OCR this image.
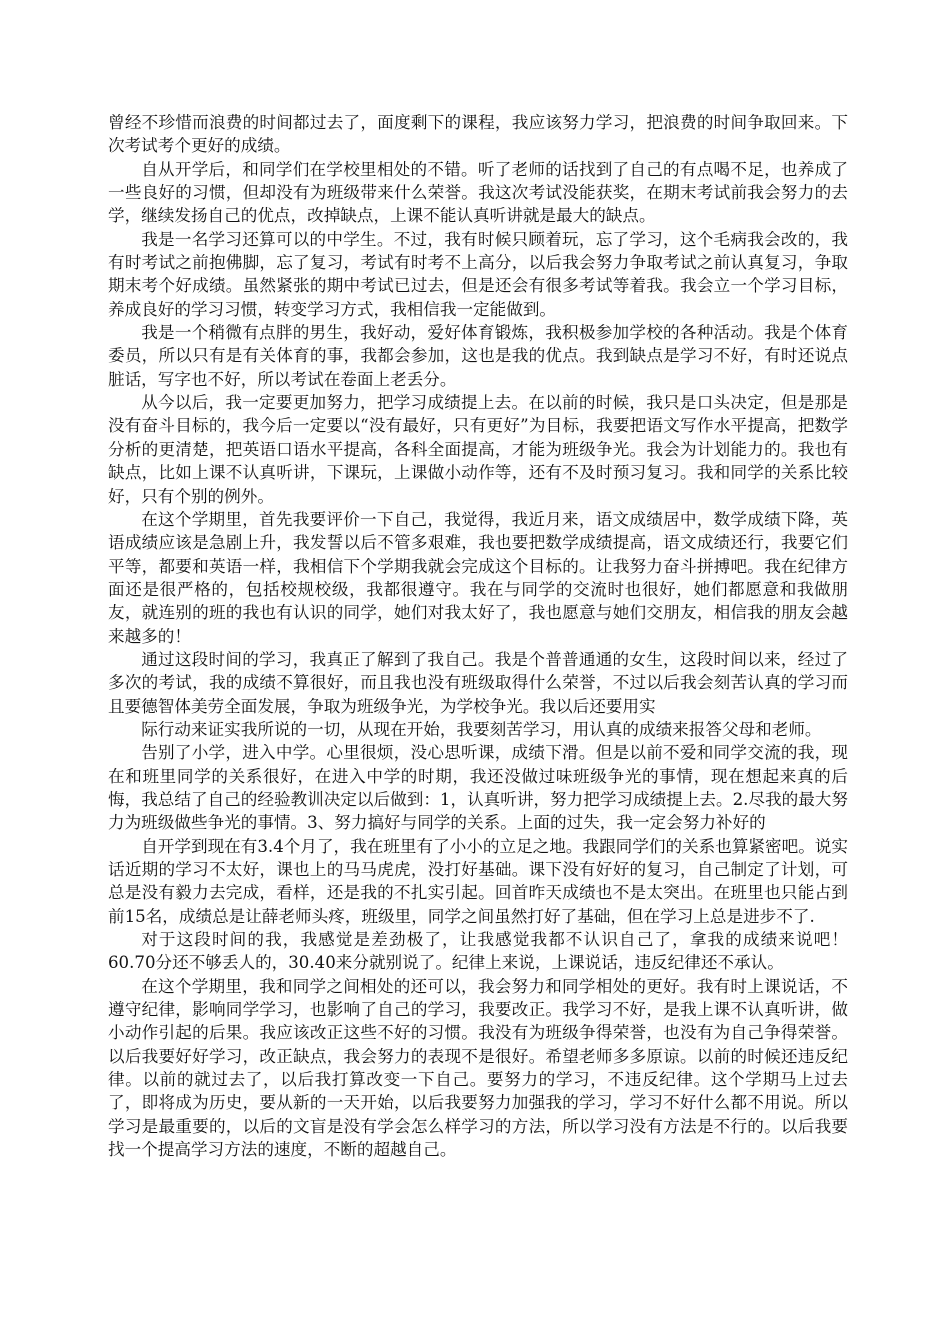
曾经不珍惜而浪费的时间都过去了，面度剩下的课程，我应该努力学习，把浪费的时间争取回来。下次考试考个更好的成绩。

自从开学后，和同学们在学校里相处的不错。听了老师的话找到了自己的有点喝不足，也养成了一些良好的习惯，但却没有为班级带来什么荣誉。我这次考试没能获奖，在期末考试前我会努力的去学，继续发扬自己的优点，改掉缺点，上课不能认真听讲就是最大的缺点。

我是一名学习还算可以的中学生。不过，我有时候只顾着玩，忘了学习，这个毛病我会改的，我有时考试之前抱佛脚，忘了复习，考试有时考不上高分，以后我会努力争取考试之前认真复习，争取期末考个好成绩。虽然紧张的期中考试已过去，但是还会有很多考试等着我。我会立一个学习目标，养成良好的学习习惯，转变学习方式，我相信我一定能做到。

我是一个稍微有点胖的男生，我好动，爱好体育锻炼，我积极参加学校的各种活动。我是个体育委员，所以只有是有关体育的事，我都会参加，这也是我的优点。我到缺点是学习不好，有时还说点脏话，写字也不好，所以考试在卷面上老丢分。

从今以后，我一定要更加努力，把学习成绩提上去。在以前的时候，我只是口头决定，但是那是没有奋斗目标的，我今后一定要以“没有最好，只有更好”为目标，我要把语文写作水平提高，把数学分析的更清楚，把英语口语水平提高，各科全面提高，才能为班级争光。我会为计划能力的。我也有缺点，比如上课不认真听讲，下课玩，上课做小动作等，还有不及时预习复习。我和同学的关系比较好，只有个别的例外。

在这个学期里，首先我要评价一下自己，我觉得，我近月来，语文成绩居中，数学成绩下降，英语成绩应该是急剧上升，我发誓以后不管多艰难，我也要把数学成绩提高，语文成绩还行，我要它们平等，都要和英语一样，我相信下个学期我就会完成这个目标的。让我努力奋斗拼搏吧。我在纪律方面还是很严格的，包括校规校级，我都很遵守。我在与同学的交流时也很好，她们都愿意和我做朋友，就连别的班的我也有认识的同学，她们对我太好了，我也愿意与她们交朋友，相信我的朋友会越来越多的！

通过这段时间的学习，我真正了解到了我自己。我是个普普通通的女生，这段时间以来，经过了多次的考试，我的成绩不算很好，而且我也没有班级取得什么荣誉，不过以后我会刻苦认真的学习而且要德智体美劳全面发展，争取为班级争光，为学校争光。我以后还要用实

际行动来证实我所说的一切，从现在开始，我要刻苦学习，用认真的成绩来报答父母和老师。

告别了小学，进入中学。心里很烦，没心思听课，成绩下滑。但是以前不爱和同学交流的我，现在和班里同学的关系很好，在进入中学的时期，我还没做过味班级争光的事情，现在想起来真的后悔，我总结了自己的经验教训决定以后做到：1，认真听讲，努力把学习成绩提上去。2.尽我的最大努力为班级做些争光的事情。3、努力搞好与同学的关系。上面的过失，我一定会努力补好的

自开学到现在有3.4个月了，我在班里有了小小的立足之地。我跟同学们的关系也算紧密吧。说实话近期的学习不太好，课也上的马马虎虎，没打好基础。课下没有好好的复习，自己制定了计划，可总是没有毅力去完成，看样，还是我的不扎实引起。回首昨天成绩也不是太突出。在班里也只能占到前15名，成绩总是让薛老师头疼，班级里，同学之间虽然打好了基础，但在学习上总是进步不了.

对于这段时间的我，我感觉是差劲极了，让我感觉我都不认识自己了，拿我的成绩来说吧！60.70分还不够丢人的，30.40来分就别说了。纪律上来说，上课说话，违反纪律还不承认。

在这个学期里，我和同学之间相处的还可以，我会努力和同学相处的更好。我有时上课说话，不遵守纪律，影响同学学习，也影响了自己的学习，我要改正。我学习不好，是我上课不认真听讲，做小动作引起的后果。我应该改正这些不好的习惯。我没有为班级争得荣誉，也没有为自己争得荣誉。以后我要好好学习，改正缺点，我会努力的表现不是很好。希望老师多多原谅。以前的时候还违反纪律。以前的就过去了，以后我打算改变一下自己。要努力的学习，不违反纪律。这个学期马上过去了，即将成为历史，要从新的一天开始，以后我要努力加强我的学习，学习不好什么都不用说。所以学习是最重要的，以后的文盲是没有学会怎么样学习的方法，所以学习没有方法是不行的。以后我要找一个提高学习方法的速度，不断的超越自己。
